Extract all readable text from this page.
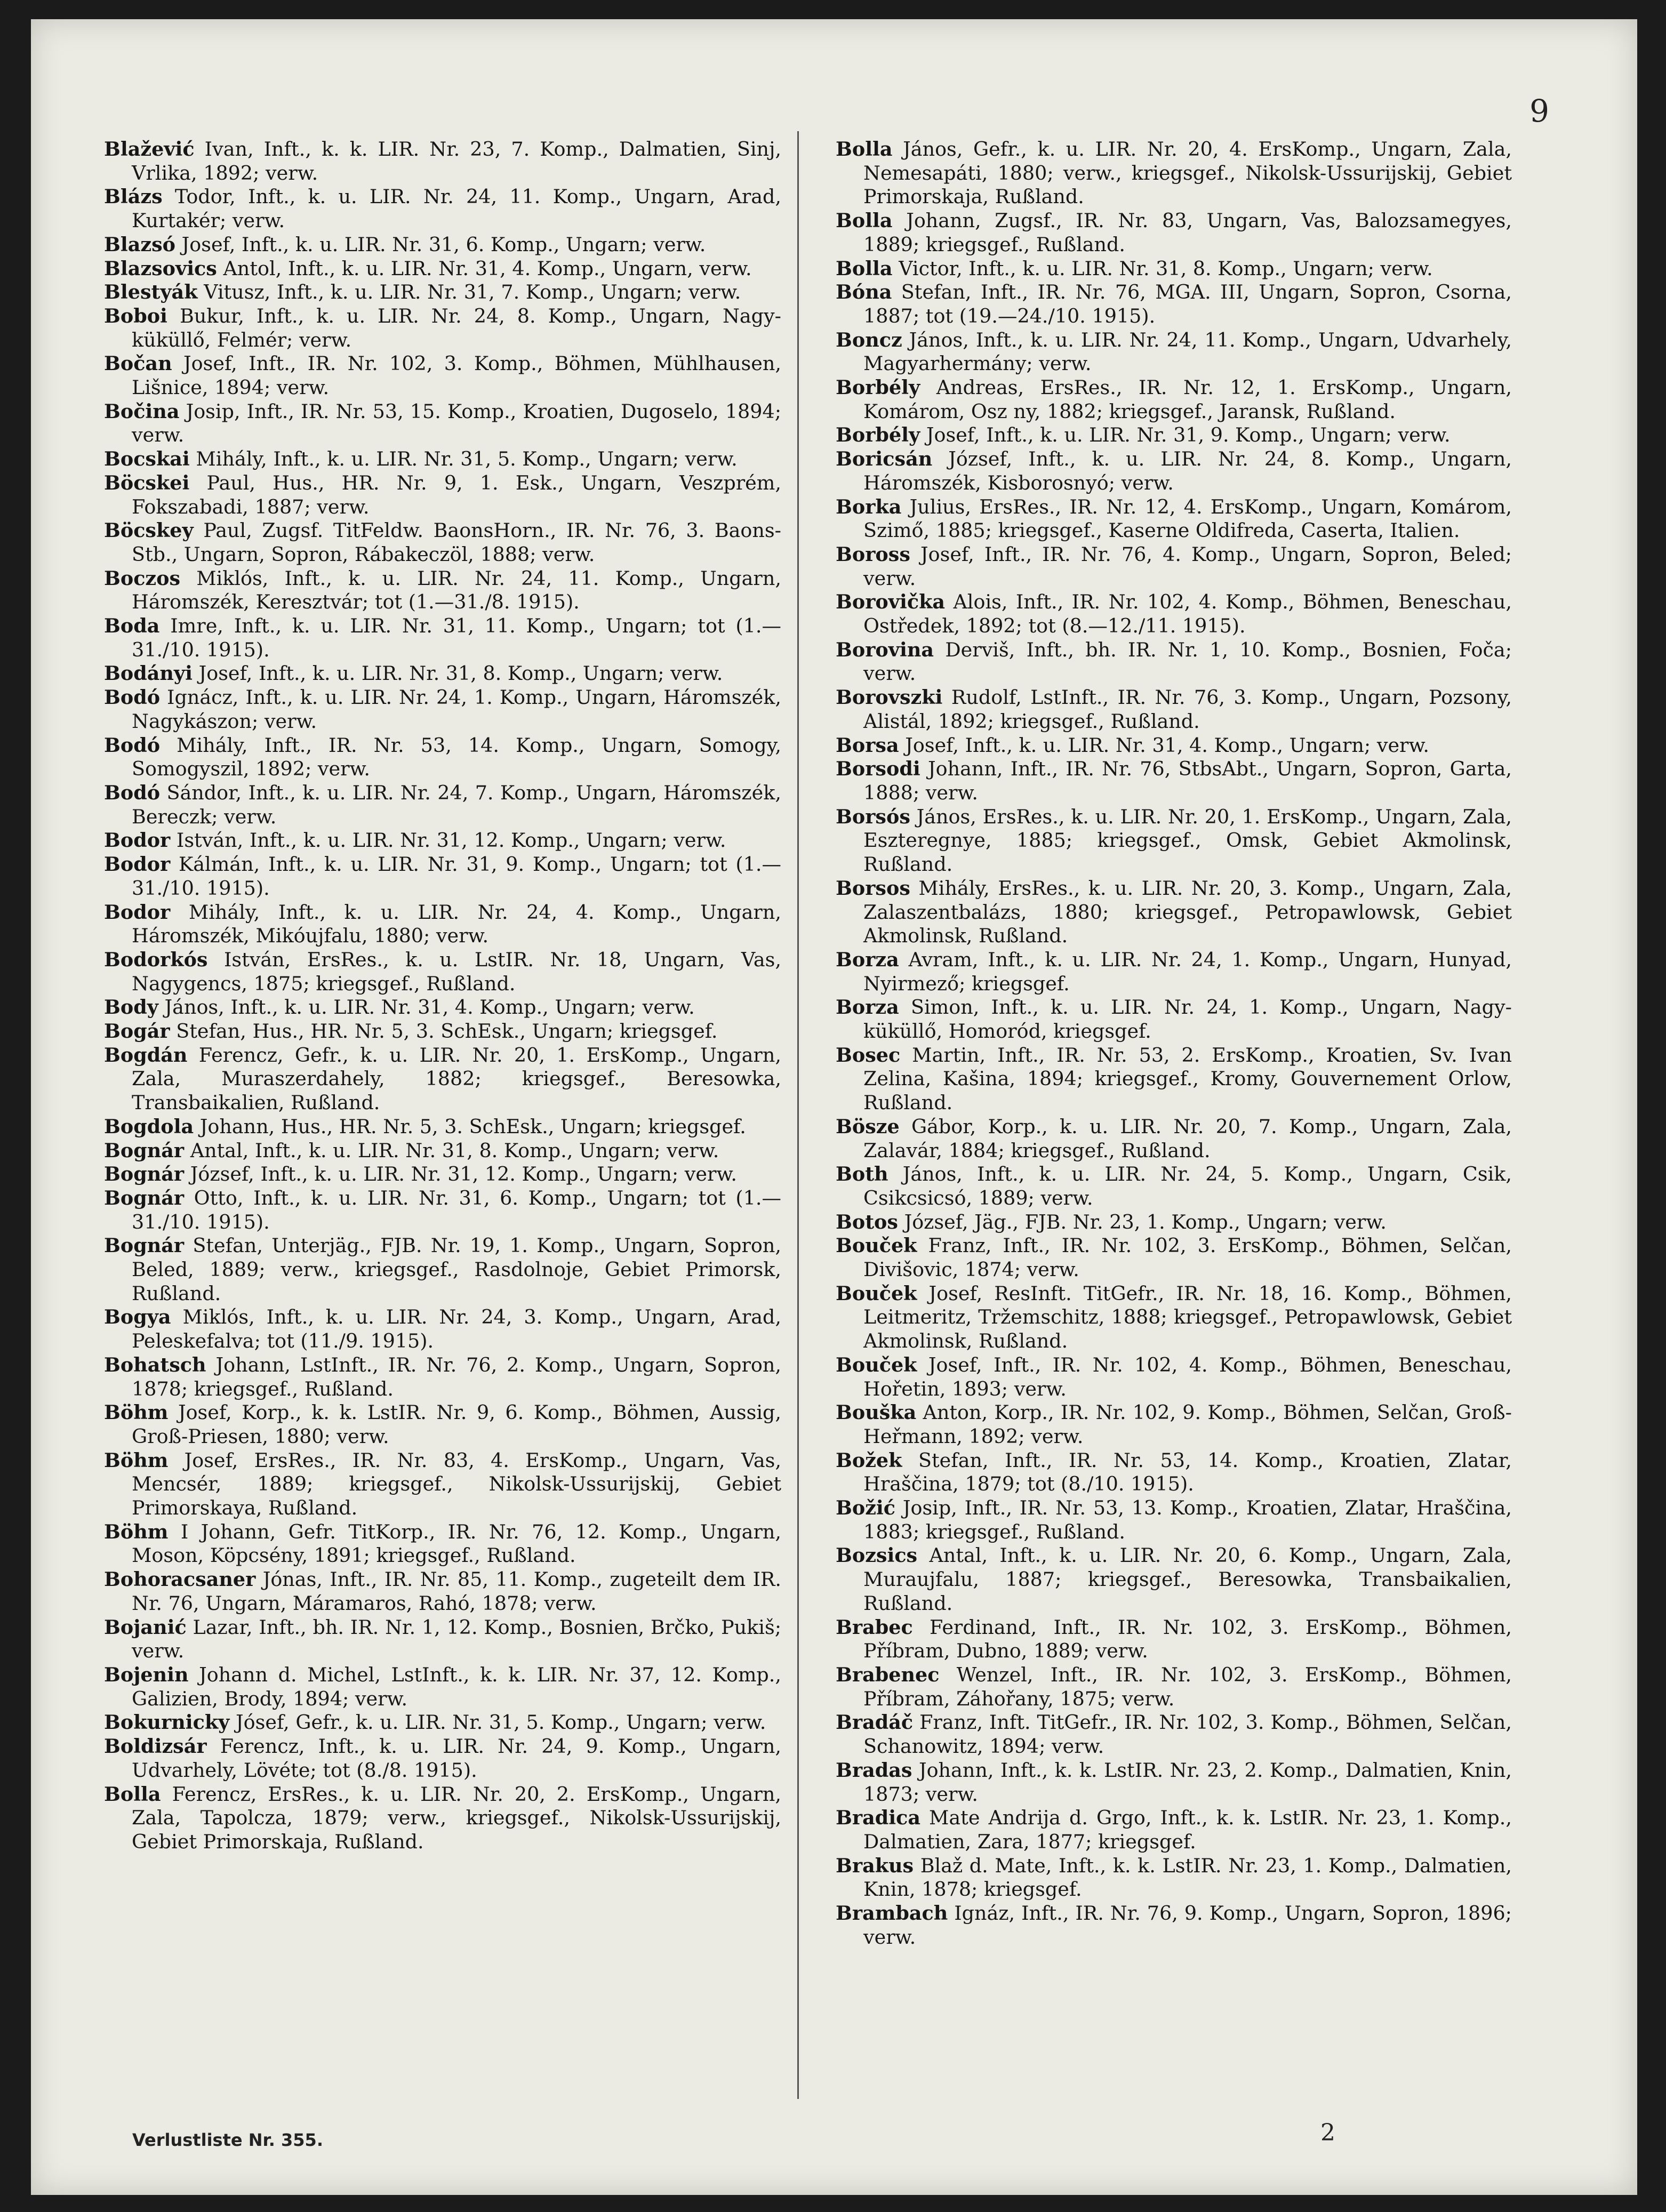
9
Blažević Ivan, Inft., k. k. LIR. Nr. 23, 7. Komp., Dalmatien, Sinj, Vrlika, 1892; verw.
Blázs Todor, Inft., k. u. LIR. Nr. 24, 11. Komp., Ungarn, Arad, Kurtakér; verw.
Blazsó Josef, Inft., k. u. LIR. Nr. 31, 6. Komp., Ungarn; verw.
Blazsovics Antol, Inft., k. u. LIR. Nr. 31, 4. Komp., Ungarn, verw.
Blestyák Vitusz, Inft., k. u. LIR. Nr. 31, 7. Komp., Ungarn; verw.
Boboi Bukur, Inft., k. u. LIR. Nr. 24, 8. Komp., Ungarn, Nagy-küküllő, Felmér; verw.
Bočan Josef, Inft., IR. Nr. 102, 3. Komp., Böhmen, Mühlhausen, Lišnice, 1894; verw.
Bočina Josip, Inft., IR. Nr. 53, 15. Komp., Kroatien, Dugoselo, 1894; verw.
Bocskai Mihály, Inft., k. u. LIR. Nr. 31, 5. Komp., Ungarn; verw.
Böcskei Paul, Hus., HR. Nr. 9, 1. Esk., Ungarn, Veszprém, Fokszabadi, 1887; verw.
Böcskey Paul, Zugsf. TitFeldw. BaonsHorn., IR. Nr. 76, 3. Baons-Stb., Ungarn, Sopron, Rábakeczöl, 1888; verw.
Boczos Miklós, Inft., k. u. LIR. Nr. 24, 11. Komp., Ungarn, Háromszék, Keresztvár; tot (1.—31./8. 1915).
Boda Imre, Inft., k. u. LIR. Nr. 31, 11. Komp., Ungarn; tot (1.—31./10. 1915).
Bodányi Josef, Inft., k. u. LIR. Nr. 31, 8. Komp., Ungarn; verw.
Bodó Ignácz, Inft., k. u. LIR. Nr. 24, 1. Komp., Ungarn, Háromszék, Nagykászon; verw.
Bodó Mihály, Inft., IR. Nr. 53, 14. Komp., Ungarn, Somogy, Somogyszil, 1892; verw.
Bodó Sándor, Inft., k. u. LIR. Nr. 24, 7. Komp., Ungarn, Háromszék, Bereczk; verw.
Bodor István, Inft., k. u. LIR. Nr. 31, 12. Komp., Ungarn; verw.
Bodor Kálmán, Inft., k. u. LIR. Nr. 31, 9. Komp., Ungarn; tot (1.—31./10. 1915).
Bodor Mihály, Inft., k. u. LIR. Nr. 24, 4. Komp., Ungarn, Háromszék, Mikóujfalu, 1880; verw.
Bodorkós István, ErsRes., k. u. LstIR. Nr. 18, Ungarn, Vas, Nagygencs, 1875; kriegsgef., Rußland.
Body János, Inft., k. u. LIR. Nr. 31, 4. Komp., Ungarn; verw.
Bogár Stefan, Hus., HR. Nr. 5, 3. SchEsk., Ungarn; kriegsgef.
Bogdán Ferencz, Gefr., k. u. LIR. Nr. 20, 1. ErsKomp., Ungarn, Zala, Muraszerdahely, 1882; kriegsgef., Beresowka, Transbaikalien, Rußland.
Bogdola Johann, Hus., HR. Nr. 5, 3. SchEsk., Ungarn; kriegsgef.
Bognár Antal, Inft., k. u. LIR. Nr. 31, 8. Komp., Ungarn; verw.
Bognár József, Inft., k. u. LIR. Nr. 31, 12. Komp., Ungarn; verw.
Bognár Otto, Inft., k. u. LIR. Nr. 31, 6. Komp., Ungarn; tot (1.—31./10. 1915).
Bognár Stefan, Unterjäg., FJB. Nr. 19, 1. Komp., Ungarn, Sopron, Beled, 1889; verw., kriegsgef., Rasdolnoje, Gebiet Primorsk, Rußland.
Bogya Miklós, Inft., k. u. LIR. Nr. 24, 3. Komp., Ungarn, Arad, Peleskefalva; tot (11./9. 1915).
Bohatsch Johann, LstInft., IR. Nr. 76, 2. Komp., Ungarn, Sopron, 1878; kriegsgef., Rußland.
Böhm Josef, Korp., k. k. LstIR. Nr. 9, 6. Komp., Böhmen, Aussig, Groß-Priesen, 1880; verw.
Böhm Josef, ErsRes., IR. Nr. 83, 4. ErsKomp., Ungarn, Vas, Mencsér, 1889; kriegsgef., Nikolsk-Ussurijskij, Gebiet Primorskaya, Rußland.
Böhm I Johann, Gefr. TitKorp., IR. Nr. 76, 12. Komp., Ungarn, Moson, Köpcsény, 1891; kriegsgef., Rußland.
Bohoracsaner Jónas, Inft., IR. Nr. 85, 11. Komp., zugeteilt dem IR. Nr. 76, Ungarn, Máramaros, Rahó, 1878; verw.
Bojanić Lazar, Inft., bh. IR. Nr. 1, 12. Komp., Bosnien, Brčko, Pukiš; verw.
Bojenin Johann d. Michel, LstInft., k. k. LIR. Nr. 37, 12. Komp., Galizien, Brody, 1894; verw.
Bokurnicky Jósef, Gefr., k. u. LIR. Nr. 31, 5. Komp., Ungarn; verw.
Boldizsár Ferencz, Inft., k. u. LIR. Nr. 24, 9. Komp., Ungarn, Udvarhely, Lövéte; tot (8./8. 1915).
Bolla Ferencz, ErsRes., k. u. LIR. Nr. 20, 2. ErsKomp., Ungarn, Zala, Tapolcza, 1879; verw., kriegsgef., Nikolsk-Ussurijskij, Gebiet Primorskaja, Rußland.
Bolla János, Gefr., k. u. LIR. Nr. 20, 4. ErsKomp., Ungarn, Zala, Nemesapáti, 1880; verw., kriegsgef., Nikolsk-Ussurijskij, Gebiet Primorskaja, Rußland.
Bolla Johann, Zugsf., IR. Nr. 83, Ungarn, Vas, Balozsamegyes, 1889; kriegsgef., Rußland.
Bolla Victor, Inft., k. u. LIR. Nr. 31, 8. Komp., Ungarn; verw.
Bóna Stefan, Inft., IR. Nr. 76, MGA. III, Ungarn, Sopron, Csorna, 1887; tot (19.—24./10. 1915).
Boncz János, Inft., k. u. LIR. Nr. 24, 11. Komp., Ungarn, Udvarhely, Magyarhermány; verw.
Borbély Andreas, ErsRes., IR. Nr. 12, 1. ErsKomp., Ungarn, Komárom, Osz ny, 1882; kriegsgef., Jaransk, Rußland.
Borbély Josef, Inft., k. u. LIR. Nr. 31, 9. Komp., Ungarn; verw.
Boricsán József, Inft., k. u. LIR. Nr. 24, 8. Komp., Ungarn, Háromszék, Kisborosnyó; verw.
Borka Julius, ErsRes., IR. Nr. 12, 4. ErsKomp., Ungarn, Komárom, Szimő, 1885; kriegsgef., Kaserne Oldifreda, Caserta, Italien.
Boross Josef, Inft., IR. Nr. 76, 4. Komp., Ungarn, Sopron, Beled; verw.
Borovička Alois, Inft., IR. Nr. 102, 4. Komp., Böhmen, Beneschau, Ostředek, 1892; tot (8.—12./11. 1915).
Borovina Derviš, Inft., bh. IR. Nr. 1, 10. Komp., Bosnien, Foča; verw.
Borovszki Rudolf, LstInft., IR. Nr. 76, 3. Komp., Ungarn, Pozsony, Alistál, 1892; kriegsgef., Rußland.
Borsa Josef, Inft., k. u. LIR. Nr. 31, 4. Komp., Ungarn; verw.
Borsodi Johann, Inft., IR. Nr. 76, StbsAbt., Ungarn, Sopron, Garta, 1888; verw.
Borsós János, ErsRes., k. u. LIR. Nr. 20, 1. ErsKomp., Ungarn, Zala, Eszteregnye, 1885; kriegsgef., Omsk, Gebiet Akmolinsk, Rußland.
Borsos Mihály, ErsRes., k. u. LIR. Nr. 20, 3. Komp., Ungarn, Zala, Zalaszentbalázs, 1880; kriegsgef., Petropawlowsk, Gebiet Akmolinsk, Rußland.
Borza Avram, Inft., k. u. LIR. Nr. 24, 1. Komp., Ungarn, Hunyad, Nyirmező; kriegsgef.
Borza Simon, Inft., k. u. LIR. Nr. 24, 1. Komp., Ungarn, Nagy-küküllő, Homoród, kriegsgef.
Bosec Martin, Inft., IR. Nr. 53, 2. ErsKomp., Kroatien, Sv. Ivan Zelina, Kašina, 1894; kriegsgef., Kromy, Gouvernement Orlow, Rußland.
Bösze Gábor, Korp., k. u. LIR. Nr. 20, 7. Komp., Ungarn, Zala, Zalavár, 1884; kriegsgef., Rußland.
Both János, Inft., k. u. LIR. Nr. 24, 5. Komp., Ungarn, Csik, Csikcsicsó, 1889; verw.
Botos József, Jäg., FJB. Nr. 23, 1. Komp., Ungarn; verw.
Bouček Franz, Inft., IR. Nr. 102, 3. ErsKomp., Böhmen, Selčan, Divišovic, 1874; verw.
Bouček Josef, ResInft. TitGefr., IR. Nr. 18, 16. Komp., Böhmen, Leitmeritz, Tržemschitz, 1888; kriegsgef., Petropawlowsk, Gebiet Akmolinsk, Rußland.
Bouček Josef, Inft., IR. Nr. 102, 4. Komp., Böhmen, Beneschau, Hořetin, 1893; verw.
Bouška Anton, Korp., IR. Nr. 102, 9. Komp., Böhmen, Selčan, Groß-Heřmann, 1892; verw.
Božek Stefan, Inft., IR. Nr. 53, 14. Komp., Kroatien, Zlatar, Hraščina, 1879; tot (8./10. 1915).
Božić Josip, Inft., IR. Nr. 53, 13. Komp., Kroatien, Zlatar, Hraščina, 1883; kriegsgef., Rußland.
Bozsics Antal, Inft., k. u. LIR. Nr. 20, 6. Komp., Ungarn, Zala, Muraujfalu, 1887; kriegsgef., Beresowka, Transbaikalien, Rußland.
Brabec Ferdinand, Inft., IR. Nr. 102, 3. ErsKomp., Böhmen, Příbram, Dubno, 1889; verw.
Brabenec Wenzel, Inft., IR. Nr. 102, 3. ErsKomp., Böhmen, Příbram, Záhořany, 1875; verw.
Bradáč Franz, Inft. TitGefr., IR. Nr. 102, 3. Komp., Böhmen, Selčan, Schanowitz, 1894; verw.
Bradas Johann, Inft., k. k. LstIR. Nr. 23, 2. Komp., Dalmatien, Knin, 1873; verw.
Bradica Mate Andrija d. Grgo, Inft., k. k. LstIR. Nr. 23, 1. Komp., Dalmatien, Zara, 1877; kriegsgef.
Brakus Blaž d. Mate, Inft., k. k. LstIR. Nr. 23, 1. Komp., Dalmatien, Knin, 1878; kriegsgef.
Brambach Ignáz, Inft., IR. Nr. 76, 9. Komp., Ungarn, Sopron, 1896; verw.
Verlustliste Nr. 355.	2
